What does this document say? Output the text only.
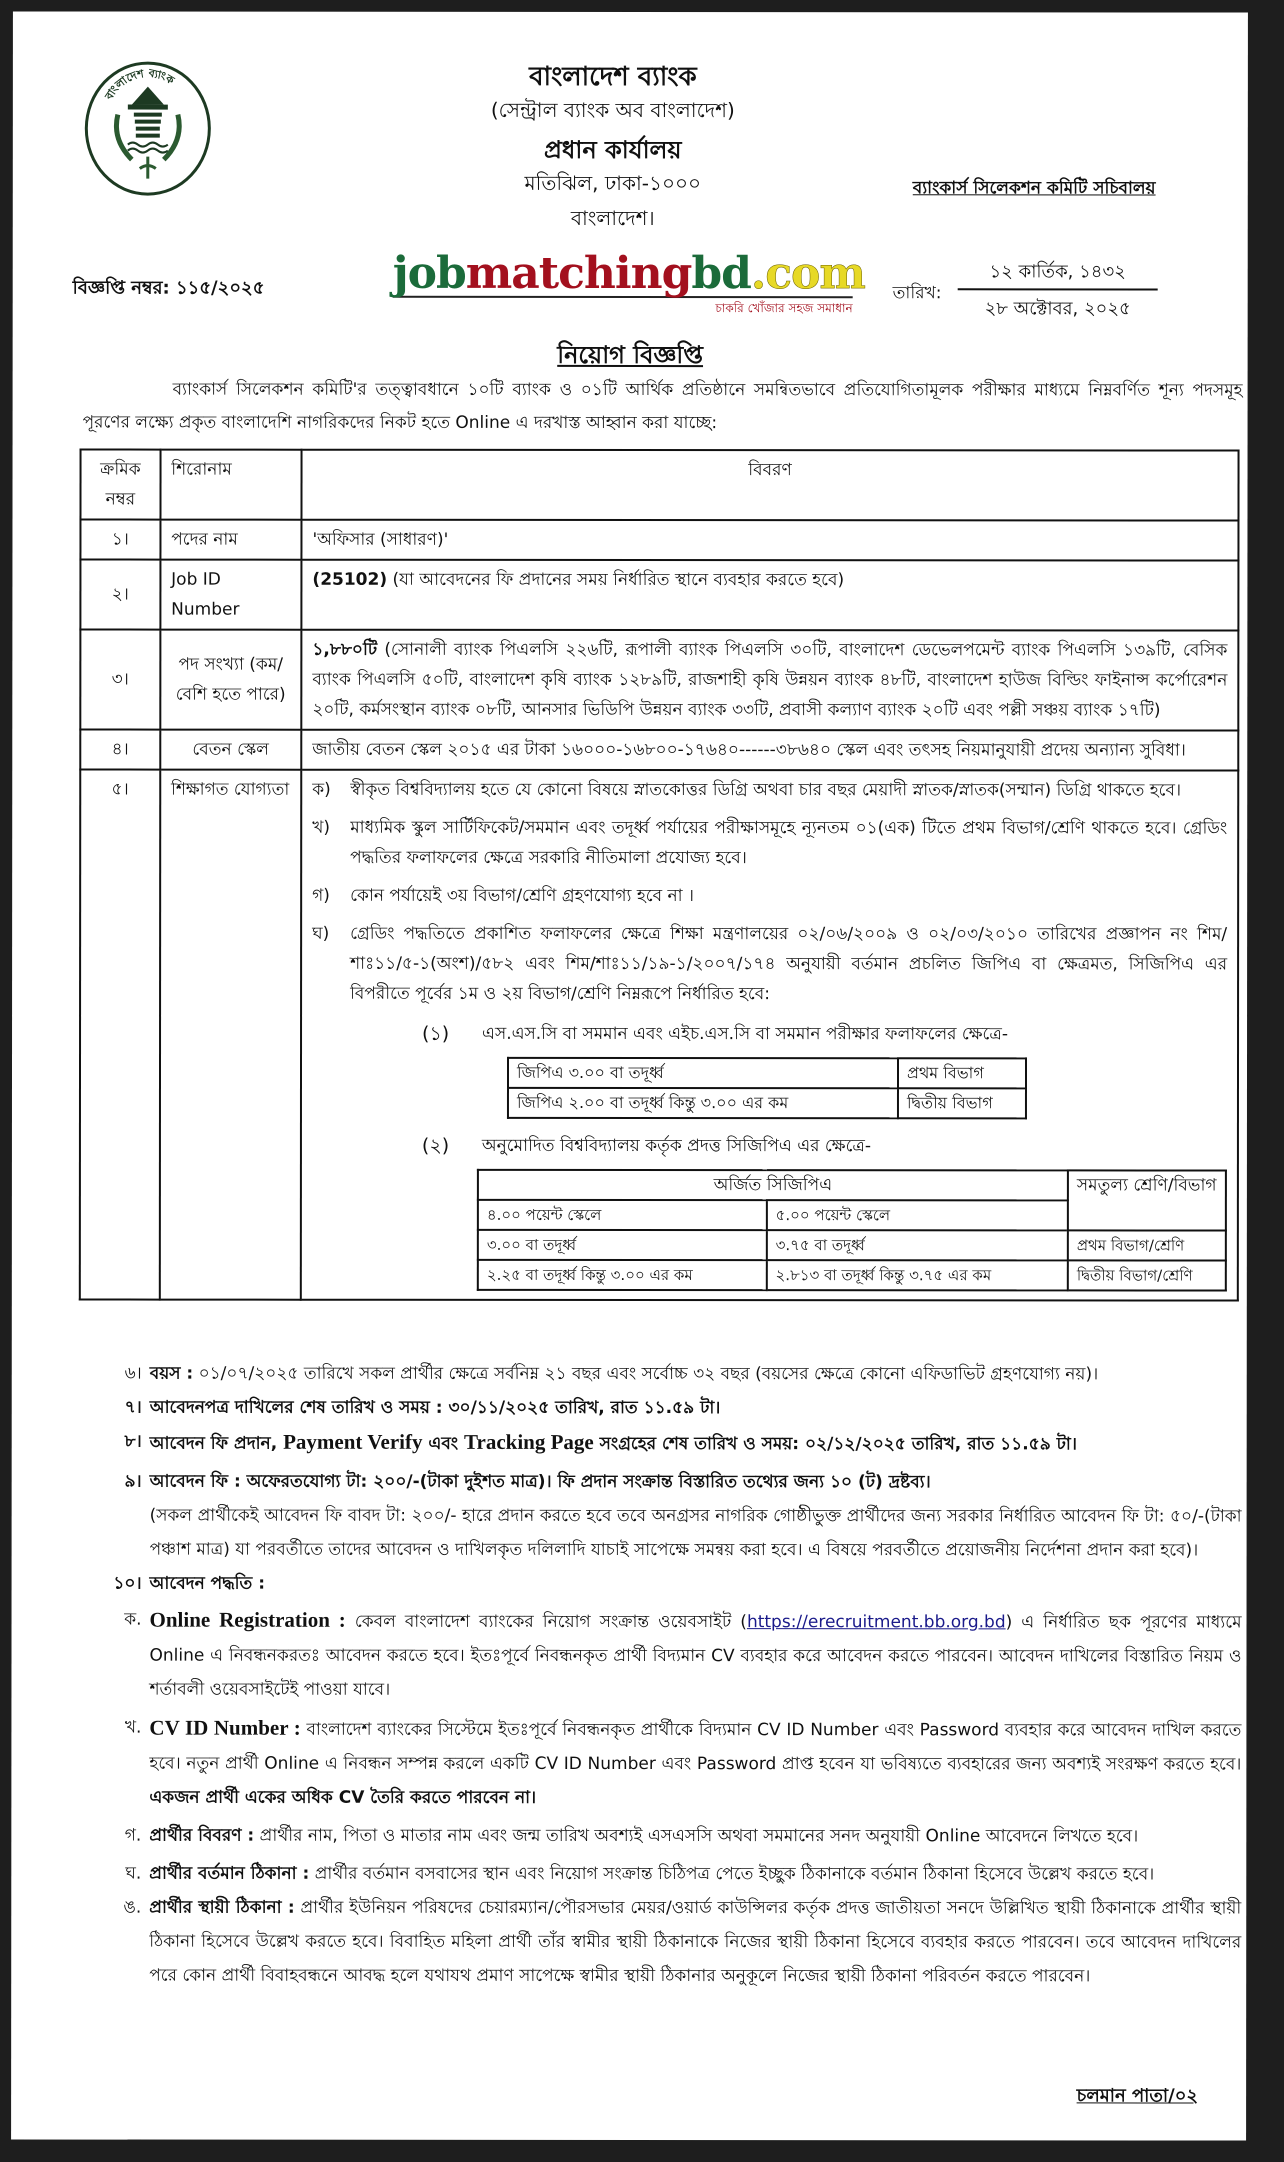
বাংলাদেশ ব্যাংক	বাংলাদেশ ব্যাংক
(সেন্ট্রাল ব্যাংক অব বাংলাদেশ)
প্রধান কার্যালয়
মতিঝিল, ঢাকা-১০০০
বাংলাদেশ।
ব্যাংকার্স সিলেকশন কমিটি সচিবালয়
বিজ্ঞপ্তি নম্বর: ১১৫/২০২৫	jobmatchingbd.com
চাকরি খোঁজার সহজ সমাধান
তারিখ:
১২ কার্তিক, ১৪৩২
২৮ অক্টোবর, ২০২৫
নিয়োগ বিজ্ঞপ্তি
ব্যাংকার্স সিলেকশন কমিটি'র তত্ত্বাবধানে ১০টি ব্যাংক ও ০১টি আর্থিক প্রতিষ্ঠানে সমন্বিতভাবে প্রতিযোগিতামূলক পরীক্ষার মাধ্যমে নিম্নবর্ণিত শূন্য পদসমূহ পূরণের লক্ষ্যে প্রকৃত বাংলাদেশি নাগরিকদের নিকট হতে Online এ দরখাস্ত আহ্বান করা যাচ্ছে:
ক্রমিক নম্বর	শিরোনাম	বিবরণ
১।	পদের নাম	'অফিসার (সাধারণ)'
২।	Job ID Number	(25102) (যা আবেদনের ফি প্রদানের সময় নির্ধারিত স্থানে ব্যবহার করতে হবে)
৩।	পদ সংখ্যা (কম/বেশি হতে পারে)	১,৮৮০টি (সোনালী ব্যাংক পিএলসি ২২৬টি, রূপালী ব্যাংক পিএলসি ৩০টি, বাংলাদেশ ডেভেলপমেন্ট ব্যাংক পিএলসি ১৩৯টি, বেসিক ব্যাংক পিএলসি ৫০টি, বাংলাদেশ কৃষি ব্যাংক ১২৮৯টি, রাজশাহী কৃষি উন্নয়ন ব্যাংক ৪৮টি, বাংলাদেশ হাউজ বিল্ডিং ফাইনান্স কর্পোরেশন ২০টি, কর্মসংস্থান ব্যাংক ০৮টি, আনসার ভিডিপি উন্নয়ন ব্যাংক ৩৩টি, প্রবাসী কল্যাণ ব্যাংক ২০টি এবং পল্লী সঞ্চয় ব্যাংক ১৭টি)
৪।	বেতন স্কেল	জাতীয় বেতন স্কেল ২০১৫ এর টাকা ১৬০০০-১৬৮০০-১৭৬৪০------৩৮৬৪০ স্কেল এবং তৎসহ নিয়মানুযায়ী প্রদেয় অন্যান্য সুবিধা।
৫।	শিক্ষাগত যোগ্যতা	ক)	স্বীকৃত বিশ্ববিদ্যালয় হতে যে কোনো বিষয়ে স্নাতকোত্তর ডিগ্রি অথবা চার বছর মেয়াদী স্নাতক/স্নাতক(সম্মান) ডিগ্রি থাকতে হবে।
খ)	মাধ্যমিক স্কুল সার্টিফিকেট/সমমান এবং তদূর্ধ্ব পর্যায়ের পরীক্ষাসমূহে ন্যূনতম ০১(এক) টিতে প্রথম বিভাগ/শ্রেণি থাকতে হবে। গ্রেডিং পদ্ধতির ফলাফলের ক্ষেত্রে সরকারি নীতিমালা প্রযোজ্য হবে।
গ)	কোন পর্যায়েই ৩য় বিভাগ/শ্রেণি গ্রহণযোগ্য হবে না ।
ঘ)	গ্রেডিং পদ্ধতিতে প্রকাশিত ফলাফলের ক্ষেত্রে শিক্ষা মন্ত্রণালয়ের ০২/০৬/২০০৯ ও ০২/০৩/২০১০ তারিখের প্রজ্ঞাপন নং শিম/শাঃ১১/৫-১(অংশ)/৫৮২ এবং শিম/শাঃ১১/১৯-১/২০০৭/১৭৪ অনুযায়ী বর্তমান প্রচলিত জিপিএ বা ক্ষেত্রমত, সিজিপিএ এর বিপরীতে পূর্বের ১ম ও ২য় বিভাগ/শ্রেণি নিম্নরূপে নির্ধারিত হবে:
(১)	এস.এস.সি বা সমমান এবং এইচ.এস.সি বা সমমান পরীক্ষার ফলাফলের ক্ষেত্রে-
জিপিএ ৩.০০ বা তদূর্ধ্ব	প্রথম বিভাগ
জিপিএ ২.০০ বা তদূর্ধ্ব কিন্তু ৩.০০ এর কম	দ্বিতীয় বিভাগ
(২)	অনুমোদিত বিশ্ববিদ্যালয় কর্তৃক প্রদত্ত সিজিপিএ এর ক্ষেত্রে-
অর্জিত সিজিপিএ	সমতুল্য শ্রেণি/বিভাগ
৪.০০ পয়েন্ট স্কেলে	৫.০০ পয়েন্ট স্কেলে
৩.০০ বা তদূর্ধ্ব	৩.৭৫ বা তদূর্ধ্ব	প্রথম বিভাগ/শ্রেণি
২.২৫ বা তদূর্ধ্ব কিন্তু ৩.০০ এর কম	২.৮১৩ বা তদূর্ধ্ব কিন্তু ৩.৭৫ এর কম	দ্বিতীয় বিভাগ/শ্রেণি
৬। বয়স : ০১/০৭/২০২৫ তারিখে সকল প্রার্থীর ক্ষেত্রে সর্বনিম্ন ২১ বছর এবং সর্বোচ্চ ৩২ বছর (বয়সের ক্ষেত্রে কোনো এফিডাভিট গ্রহণযোগ্য নয়)।
৭। আবেদনপত্র দাখিলের শেষ তারিখ ও সময় : ৩০/১১/২০২৫ তারিখ, রাত ১১.৫৯ টা।
৮। আবেদন ফি প্রদান, Payment Verify এবং Tracking Page সংগ্রহের শেষ তারিখ ও সময়: ০২/১২/২০২৫ তারিখ, রাত ১১.৫৯ টা।
৯। আবেদন ফি : অফেরতযোগ্য টা: ২০০/-(টাকা দুইশত মাত্র)। ফি প্রদান সংক্রান্ত বিস্তারিত তথ্যের জন্য ১০ (ট) দ্রষ্টব্য।
(সকল প্রার্থীকেই আবেদন ফি বাবদ টা: ২০০/- হারে প্রদান করতে হবে তবে অনগ্রসর নাগরিক গোষ্ঠীভুক্ত প্রার্থীদের জন্য সরকার নির্ধারিত আবেদন ফি টা: ৫০/-(টাকা পঞ্চাশ মাত্র) যা পরবর্তীতে তাদের আবেদন ও দাখিলকৃত দলিলাদি যাচাই সাপেক্ষে সমন্বয় করা হবে। এ বিষয়ে পরবর্তীতে প্রয়োজনীয় নির্দেশনা প্রদান করা হবে)।
১০। আবেদন পদ্ধতি :
ক. Online Registration : কেবল বাংলাদেশ ব্যাংকের নিয়োগ সংক্রান্ত ওয়েবসাইট (https://erecruitment.bb.org.bd) এ নির্ধারিত ছক পূরণের মাধ্যমে Online এ নিবন্ধনকরতঃ আবেদন করতে হবে। ইতঃপূর্বে নিবন্ধনকৃত প্রার্থী বিদ্যমান CV ব্যবহার করে আবেদন করতে পারবেন। আবেদন দাখিলের বিস্তারিত নিয়ম ও শর্তাবলী ওয়েবসাইটেই পাওয়া যাবে।
খ. CV ID Number : বাংলাদেশ ব্যাংকের সিস্টেমে ইতঃপূর্বে নিবন্ধনকৃত প্রার্থীকে বিদ্যমান CV ID Number এবং Password ব্যবহার করে আবেদন দাখিল করতে হবে। নতুন প্রার্থী Online এ নিবন্ধন সম্পন্ন করলে একটি CV ID Number এবং Password প্রাপ্ত হবেন যা ভবিষ্যতে ব্যবহারের জন্য অবশ্যই সংরক্ষণ করতে হবে। একজন প্রার্থী একের অধিক CV তৈরি করতে পারবেন না।
গ. প্রার্থীর বিবরণ : প্রার্থীর নাম, পিতা ও মাতার নাম এবং জন্ম তারিখ অবশ্যই এসএসসি অথবা সমমানের সনদ অনুযায়ী Online আবেদনে লিখতে হবে।
ঘ. প্রার্থীর বর্তমান ঠিকানা : প্রার্থীর বর্তমান বসবাসের স্থান এবং নিয়োগ সংক্রান্ত চিঠিপত্র পেতে ইচ্ছুক ঠিকানাকে বর্তমান ঠিকানা হিসেবে উল্লেখ করতে হবে।
ঙ. প্রার্থীর স্থায়ী ঠিকানা : প্রার্থীর ইউনিয়ন পরিষদের চেয়ারম্যান/পৌরসভার মেয়র/ওয়ার্ড কাউন্সিলর কর্তৃক প্রদত্ত জাতীয়তা সনদে উল্লিখিত স্থায়ী ঠিকানাকে প্রার্থীর স্থায়ী ঠিকানা হিসেবে উল্লেখ করতে হবে। বিবাহিত মহিলা প্রার্থী তাঁর স্বামীর স্থায়ী ঠিকানাকে নিজের স্থায়ী ঠিকানা হিসেবে ব্যবহার করতে পারবেন। তবে আবেদন দাখিলের পরে কোন প্রার্থী বিবাহবন্ধনে আবদ্ধ হলে যথাযথ প্রমাণ সাপেক্ষে স্বামীর স্থায়ী ঠিকানার অনুকূলে নিজের স্থায়ী ঠিকানা পরিবর্তন করতে পারবেন।
চলমান পাতা/০২
